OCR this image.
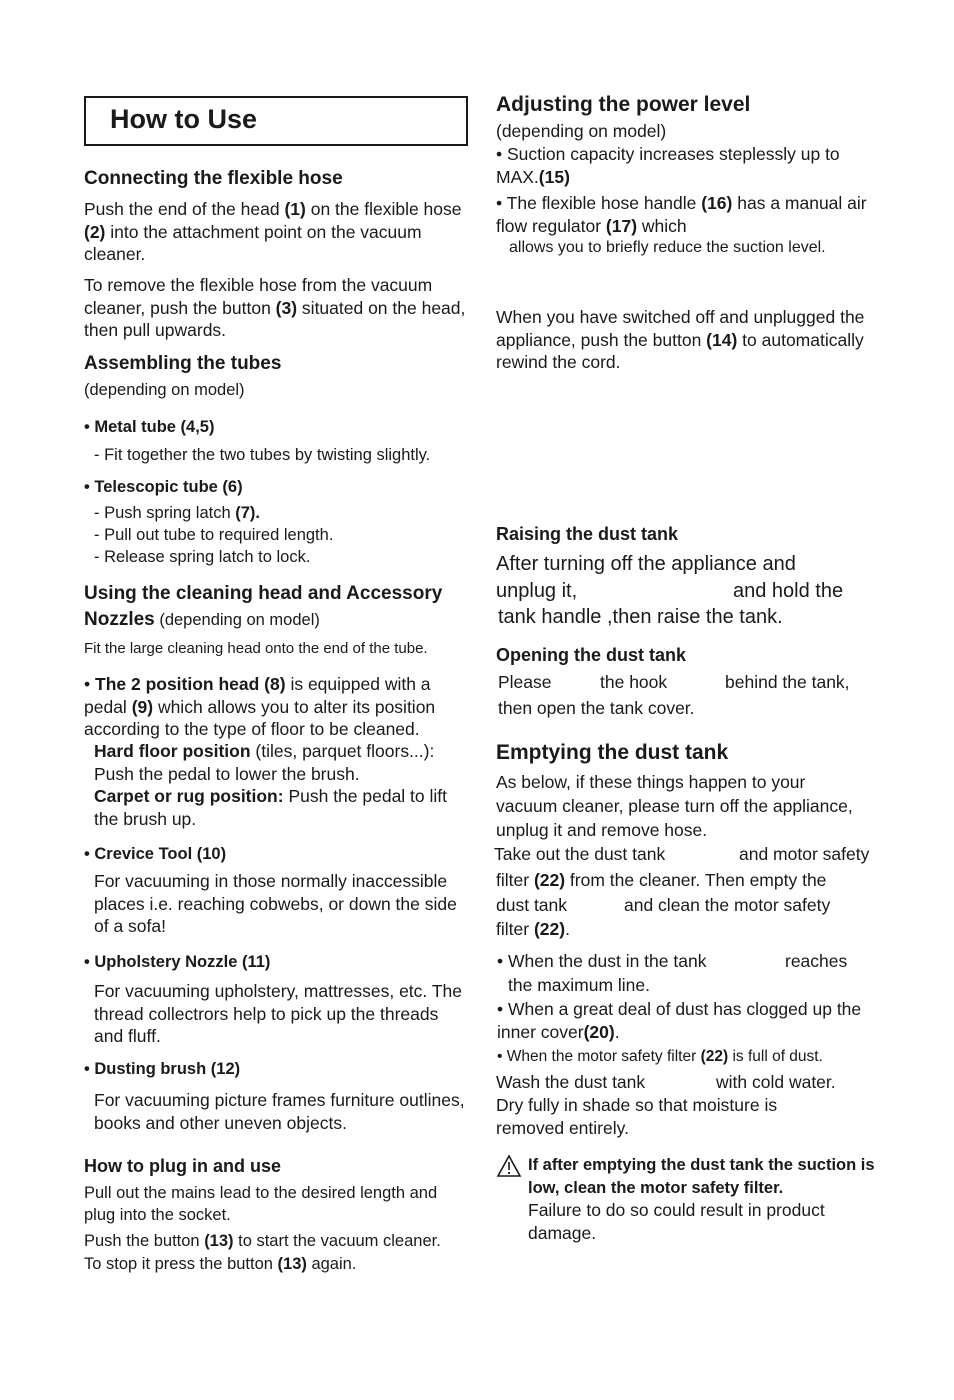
How to Use
Connecting the flexible hose

Push the end of the head (1) on the flexible hose (2) into the attachment point on the vacuum cleaner.

To remove the flexible hose from the vacuum cleaner, push the button (3) situated on the head, then pull upwards.

Assembling the tubes
(depending on model)
• Metal tube (4,5)
- Fit together the two tubes by twisting slightly.
• Telescopic tube (6)
- Push spring latch (7).
- Pull out tube to required length.
- Release spring latch to lock.
Using the cleaning head and Accessory
Nozzles (depending on model)
Fit the large cleaning head onto the end of the tube.

• The 2 position head (8) is equipped with a pedal (9) which allows you to alter its position according to the type of floor to be cleaned.

Hard floor position (tiles, parquet floors...): Push the pedal to lower the brush.

Carpet or rug position: Push the pedal to lift the brush up.

• Crevice Tool (10)

For vacuuming in those normally inaccessible places i.e. reaching cobwebs, or down the side of a sofa!

• Upholstery Nozzle (11)

For vacuuming upholstery, mattresses, etc. The thread collectrors help to pick up the threads and fluff.

• Dusting brush (12)

For vacuuming picture frames furniture outlines, books and other uneven objects.

How to plug in and use

Pull out the mains lead to the desired length and plug into the socket.

Push the button (13) to start the vacuum cleaner.

To stop it press the button (13) again.

Adjusting the power level
(depending on model)

• Suction capacity increases steplessly up to MAX.(15)

• The flexible hose handle (16) has a manual air flow regulator (17) which

allows you to briefly reduce the suction level.

When you have switched off and unplugged the appliance, push the button (14) to automatically rewind the cord.

Raising the dust tank
After turning off the appliance and
unplug it,	and hold the
tank handle ,then raise the tank.
Opening the dust tank
Please	the hook	behind the tank,
then open the tank cover.
Emptying the dust tank

As below, if these things happen to your vacuum cleaner, please turn off the appliance, unplug it and remove hose.

Take out the dust tank	and motor safety
filter (22) from the cleaner. Then empty the
dust tank	and clean the motor safety
filter (22).
• When the dust in the tank	reaches
the maximum line.

• When a great deal of dust has clogged up the inner cover(20).

• When the motor safety filter (22) is full of dust.
Wash the dust tank	with cold water.

Dry fully in shade so that moisture is removed entirely.

If after emptying the dust tank the suction is low, clean the motor safety filter.

Failure to do so could result in product damage.
